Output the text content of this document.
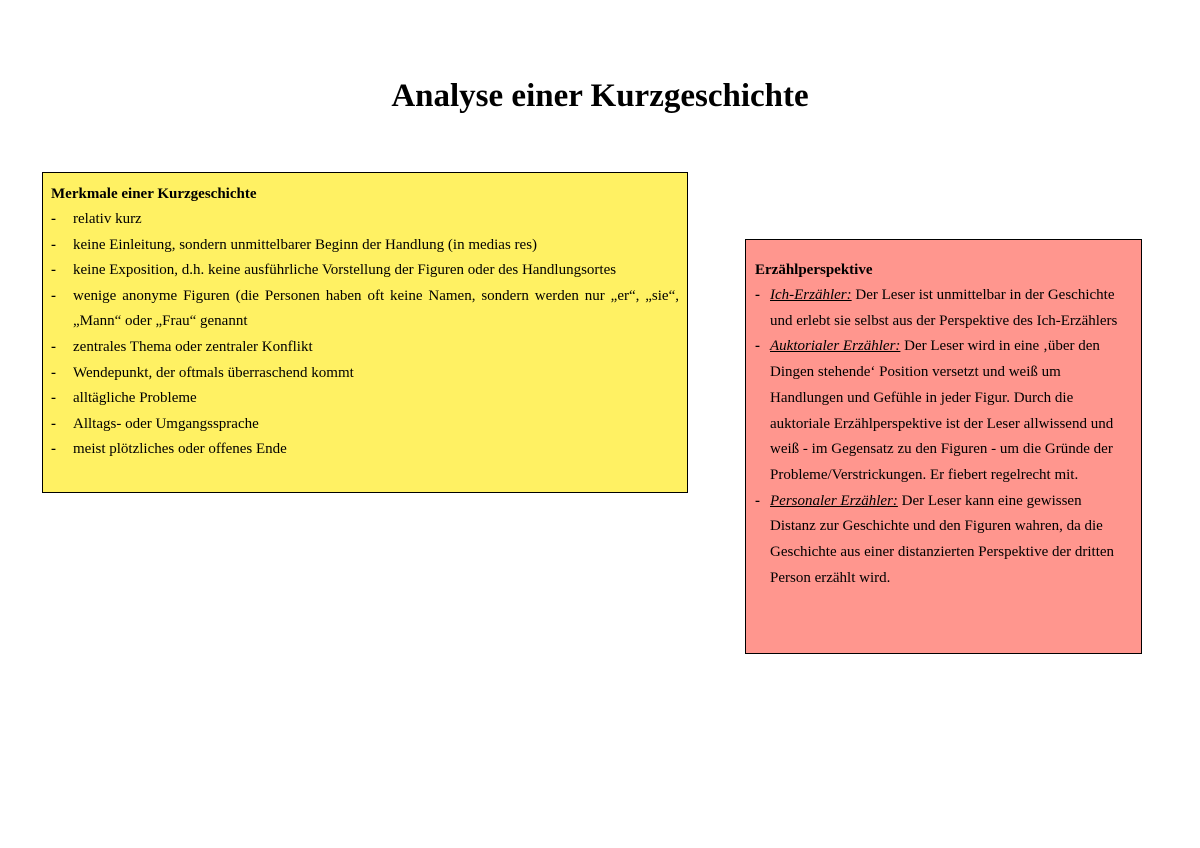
Analyse einer Kurzgeschichte

Merkmale einer Kurzgeschichte

- relativ kurz
- keine Einleitung, sondern unmittelbarer Beginn der Handlung (in medias res)
- keine Exposition, d.h. keine ausführliche Vorstellung der Figuren oder des Handlungsortes
- wenige anonyme Figuren (die Personen haben oft keine Namen, sondern werden nur „er“, „sie“, „Mann“ oder „Frau“ genannt
- zentrales Thema oder zentraler Konflikt
- Wendepunkt, der oftmals überraschend kommt
- alltägliche Probleme
- Alltags- oder Umgangssprache
- meist plötzliches oder offenes Ende

Erzählperspektive

- Ich-Erzähler: Der Leser ist unmittelbar in der Geschichte und erlebt sie selbst aus der Perspektive des Ich-Erzählers
- Auktorialer Erzähler: Der Leser wird in eine ‚über den Dingen stehende‘ Position versetzt und weiß um Handlungen und Gefühle in jeder Figur. Durch die auktoriale Erzählperspektive ist der Leser allwissend und weiß - im Gegensatz zu den Figuren - um die Gründe der Probleme/Verstrickungen. Er fiebert regelrecht mit.
- Personaler Erzähler: Der Leser kann eine gewissen Distanz zur Geschichte und den Figuren wahren, da die Geschichte aus einer distanzierten Perspektive der dritten Person erzählt wird.
